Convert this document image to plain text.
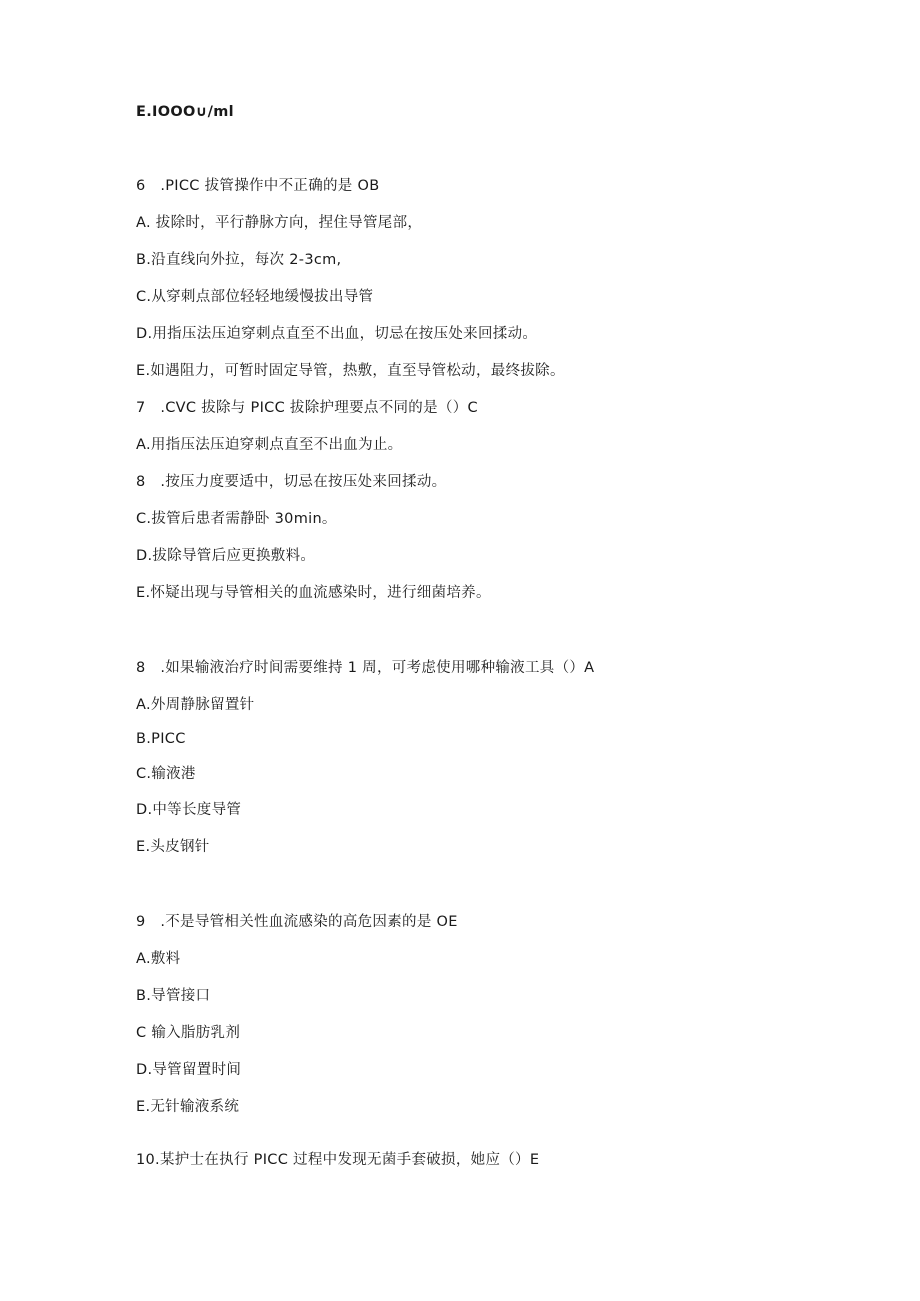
E.IOOO∪/ml
6　.PICC 拔管操作中不正确的是 OB
A. 拔除时，平行静脉方向，捏住导管尾部，
B.沿直线向外拉，每次 2-3cm,
C.从穿刺点部位轻轻地缓慢拔出导管
D.用指压法压迫穿刺点直至不出血，切忌在按压处来回揉动。
E.如遇阻力，可暂时固定导管，热敷，直至导管松动，最终拔除。
7　.CVC 拔除与 PICC 拔除护理要点不同的是（）C
A.用指压法压迫穿刺点直至不出血为止。
8　.按压力度要适中，切忌在按压处来回揉动。
C.拔管后患者需静卧 30min。
D.拔除导管后应更换敷料。
E.怀疑出现与导管相关的血流感染时，进行细菌培养。
8　.如果输液治疗时间需要维持 1 周，可考虑使用哪种输液工具（）A
A.外周静脉留置针
B.PICC
C.输液港
D.中等长度导管
E.头皮钢针
9　.不是导管相关性血流感染的高危因素的是 OE
A.敷料
B.导管接口
C 输入脂肪乳剂
D.导管留置时间
E.无针输液系统
10.某护士在执行 PICC 过程中发现无菌手套破损，她应（）E
